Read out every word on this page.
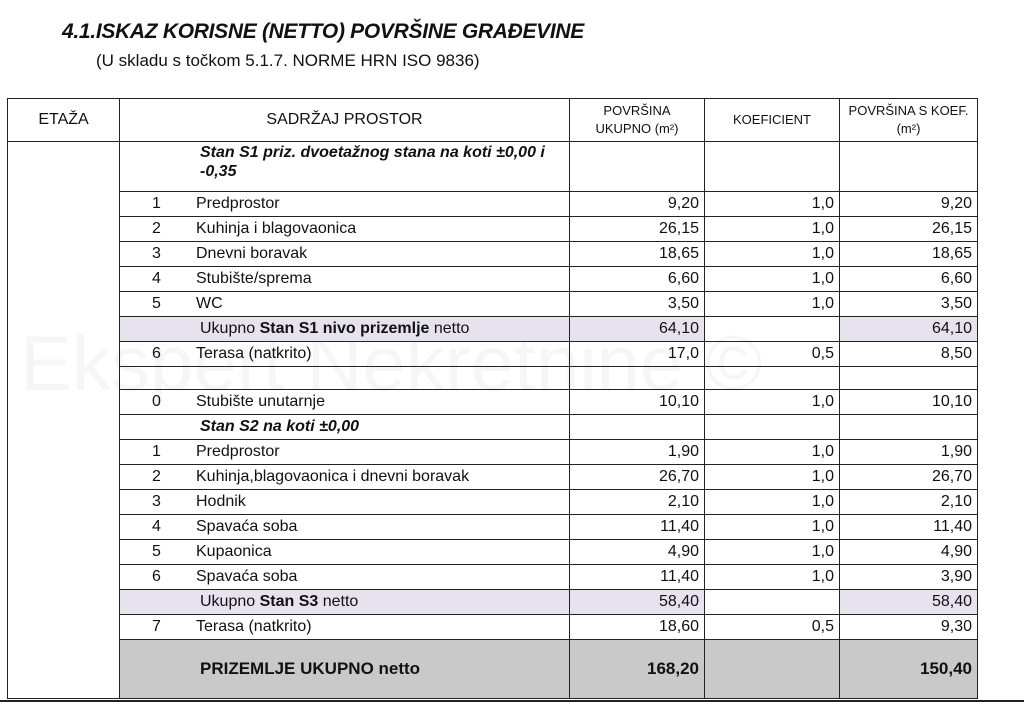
4.1.ISKAZ KORISNE (NETTO) POVRŠINE GRAĐEVINE
(U skladu s točkom 5.1.7. NORME HRN ISO 9836)
ETAŽA	SADRŽAJ PROSTOR	POVRŠINA UKUPNO (m²)	KOEFICIENT	POVRŠINA S KOEF. (m²)
	Stan S1 priz. dvoetažnog stana na koti ±0,00 i -0,35			
	1 Predprostor	9,20	1,0	9,20
	2 Kuhinja i blagovaonica	26,15	1,0	26,15
	3 Dnevni boravak	18,65	1,0	18,65
	4 Stubište/sprema	6,60	1,0	6,60
	5 WC	3,50	1,0	3,50
	Ukupno Stan S1 nivo prizemlje netto	64,10		64,10
	6 Terasa (natkrito)	17,0	0,5	8,50

	0 Stubište unutarnje	10,10	1,0	10,10
	Stan S2 na koti ±0,00			
	1 Predprostor	1,90	1,0	1,90
	2 Kuhinja,blagovaonica i dnevni boravak	26,70	1,0	26,70
	3 Hodnik	2,10	1,0	2,10
	4 Spavaća soba	11,40	1,0	11,40
	5 Kupaonica	4,90	1,0	4,90
	6 Spavaća soba	11,40	1,0	3,90
	Ukupno Stan S3 netto	58,40		58,40
	7 Terasa (natkrito)	18,60	0,5	9,30
	PRIZEMLJE UKUPNO netto	168,20		150,40
